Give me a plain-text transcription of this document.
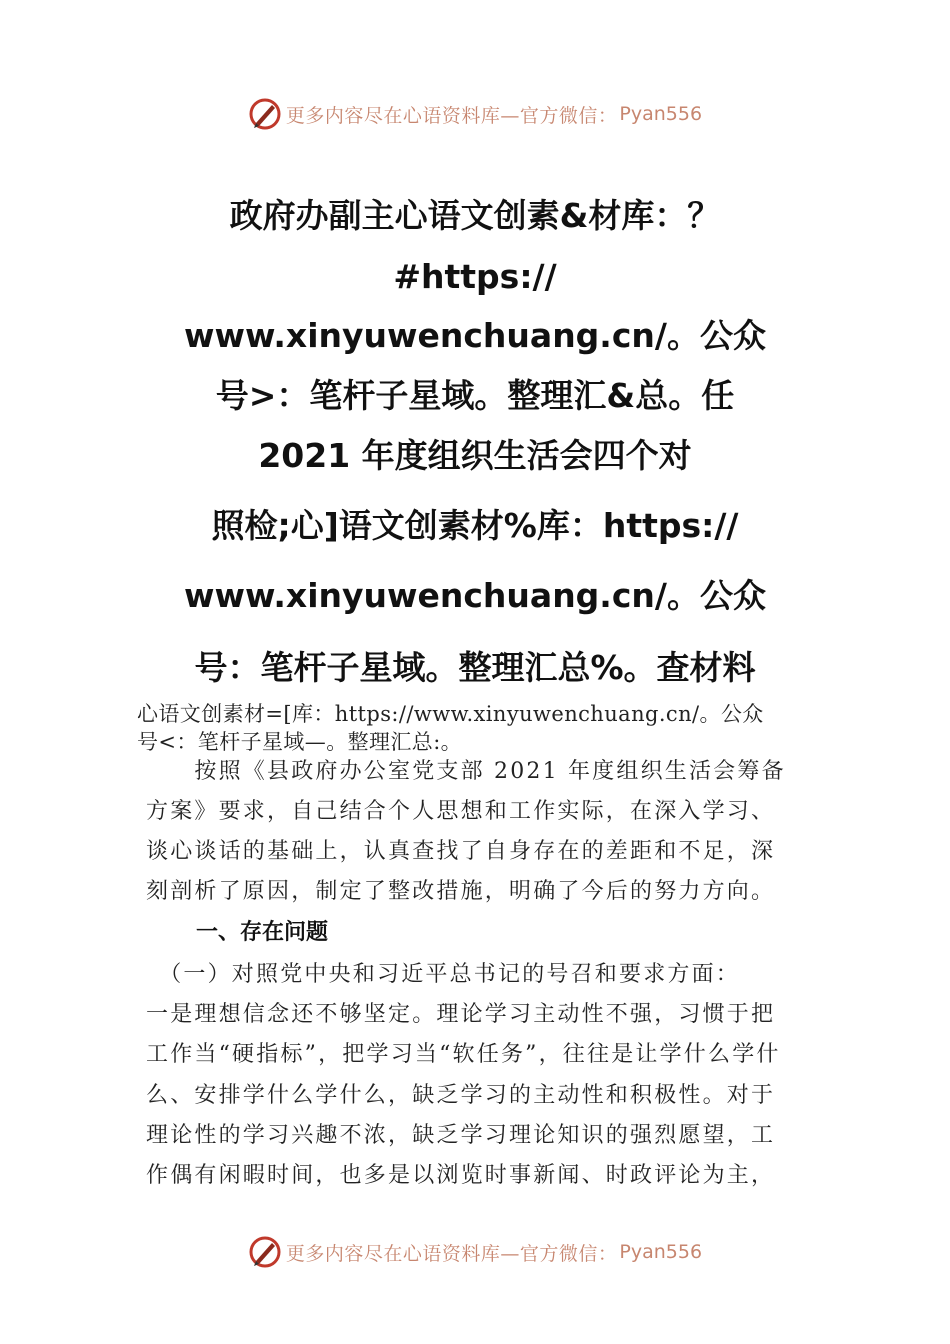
更多内容尽在心语资料库—官方微信： Pyan556
政府办副主心语文创素&材库：？
#https://
www.xinyuwenchuang.cn/。公众
号>：笔杆子星域。整理汇&总。任
2021 年度组织生活会四个对
照检;心]语文创素材%库：https://
www.xinyuwenchuang.cn/。公众
号：笔杆子星域。整理汇总%。查材料
心语文创素材=[库：https://www.xinyuwenchuang.cn/。公众
号<：笔杆子星域—。整理汇总:。
　　按照《县政府办公室党支部 2021 年度组织生活会筹备
方案》要求，自己结合个人思想和工作实际，在深入学习、
谈心谈话的基础上，认真查找了自身存在的差距和不足，深
刻剖析了原因，制定了整改措施，明确了今后的努力方向。
一、存在问题
　（一）对照党中央和习近平总书记的号召和要求方面：
一是理想信念还不够坚定。理论学习主动性不强，习惯于把
工作当“硬指标”，把学习当“软任务”，往往是让学什么学什
么、安排学什么学什么，缺乏学习的主动性和积极性。对于
理论性的学习兴趣不浓，缺乏学习理论知识的强烈愿望，工
作偶有闲暇时间，也多是以浏览时事新闻、时政评论为主，
更多内容尽在心语资料库—官方微信： Pyan556
